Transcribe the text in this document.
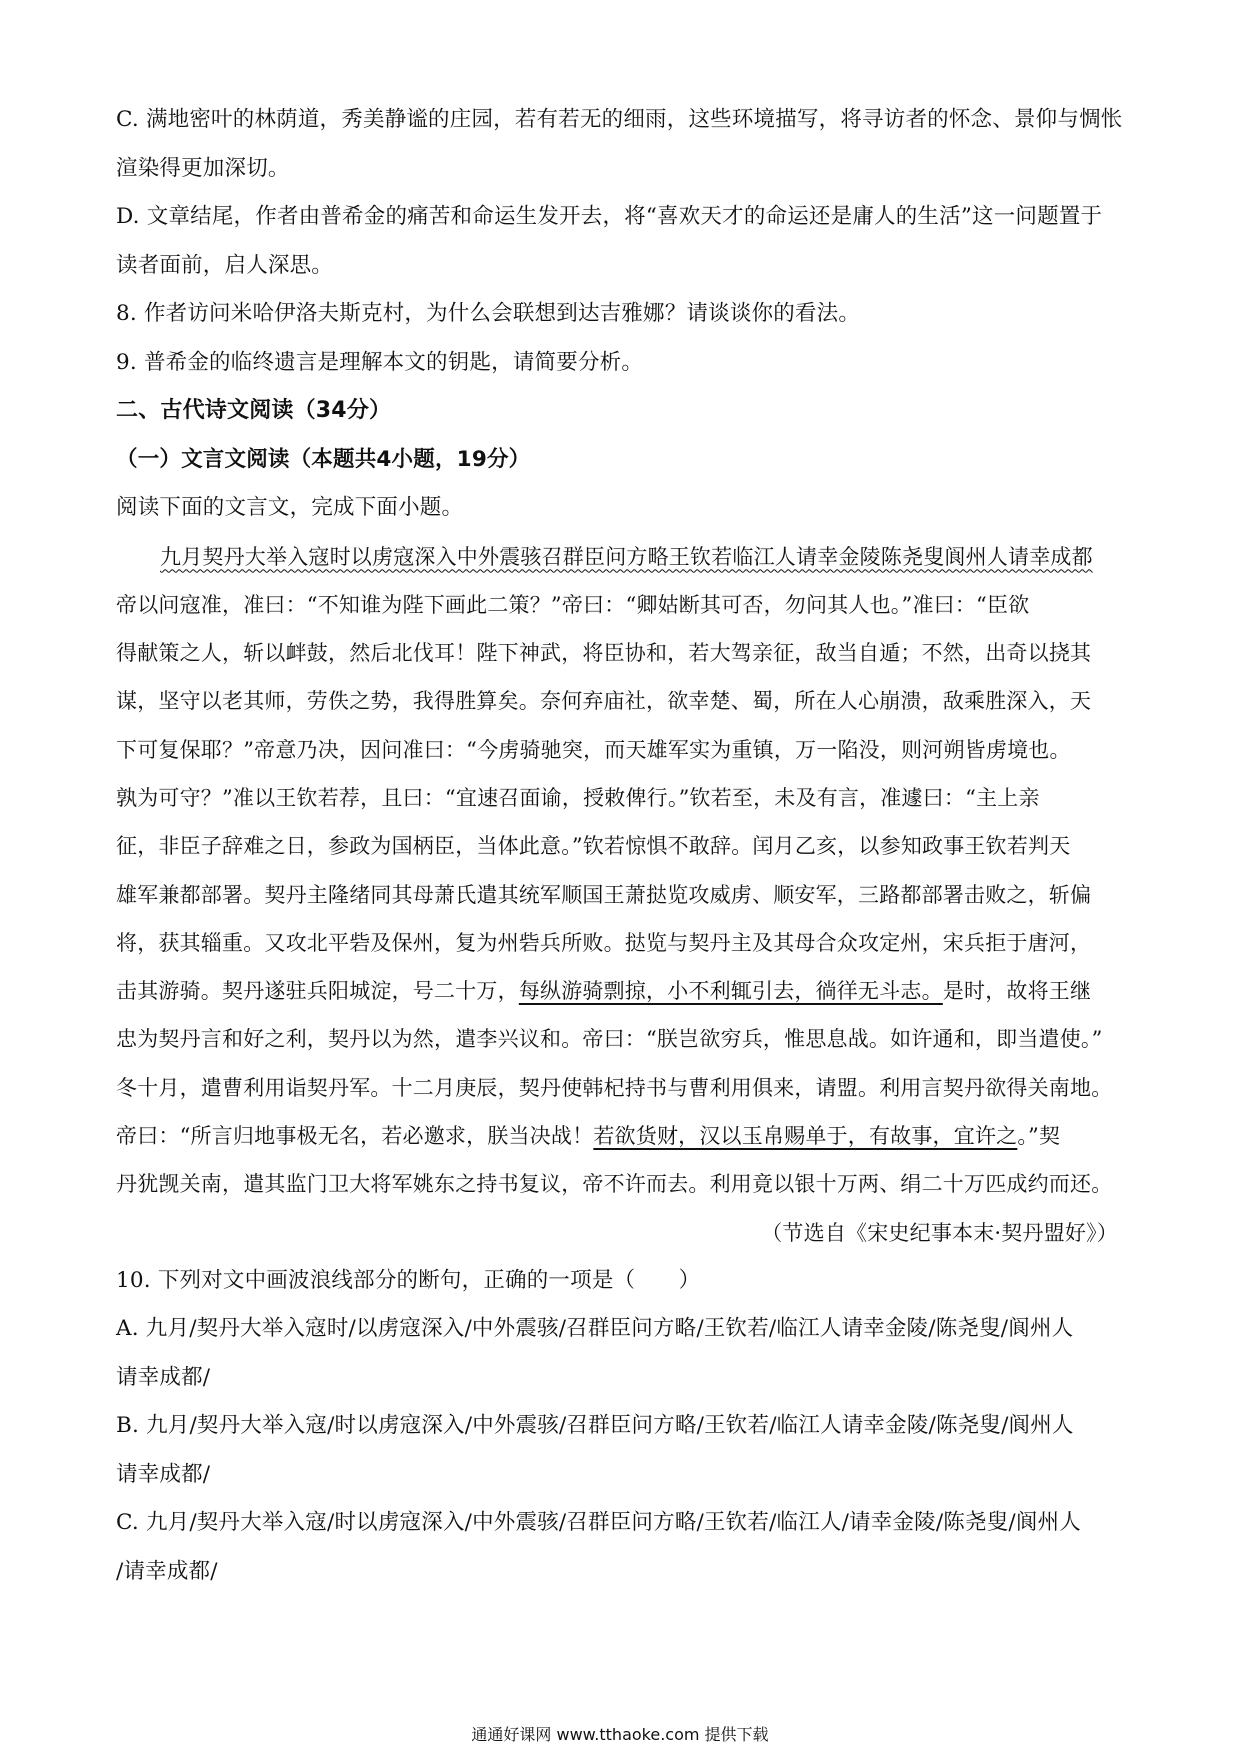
C. 满地密叶的林荫道，秀美静谧的庄园，若有若无的细雨，这些环境描写，将寻访者的怀念、景仰与惆怅
渲染得更加深切。
D. 文章结尾，作者由普希金的痛苦和命运生发开去，将“喜欢天才的命运还是庸人的生活”这一问题置于
读者面前，启人深思。
8. 作者访问米哈伊洛夫斯克村，为什么会联想到达吉雅娜？请谈谈你的看法。
9. 普希金的临终遗言是理解本文的钥匙，请简要分析。
二、古代诗文阅读（34分）
（一）文言文阅读（本题共4小题，19分）
阅读下面的文言文，完成下面小题。
九月契丹大举入寇时以虏寇深入中外震骇召群臣问方略王钦若临江人请幸金陵陈尧叟阆州人请幸成都
帝以问寇准，准曰：“不知谁为陛下画此二策？”帝曰：“卿姑断其可否，勿问其人也。”准曰：“臣欲
得献策之人，斩以衅鼓，然后北伐耳！陛下神武，将臣协和，若大驾亲征，敌当自遁；不然，出奇以挠其
谋，坚守以老其师，劳佚之势，我得胜算矣。奈何弃庙社，欲幸楚、蜀，所在人心崩溃，敌乘胜深入，天
下可复保耶？”帝意乃决，因问准曰：“今虏骑驰突，而天雄军实为重镇，万一陷没，则河朔皆虏境也。
孰为可守？”准以王钦若荐，且曰：“宜速召面谕，授敕俾行。”钦若至，未及有言，准遽曰：“主上亲
征，非臣子辞难之日，参政为国柄臣，当体此意。”钦若惊惧不敢辞。闰月乙亥，以参知政事王钦若判天
雄军兼都部署。契丹主隆绪同其母萧氏遣其统军顺国王萧挞览攻威虏、顺安军，三路都部署击败之，斩偏
将，获其辎重。又攻北平砦及保州，复为州砦兵所败。挞览与契丹主及其母合众攻定州，宋兵拒于唐河，
击其游骑。契丹遂驻兵阳城淀，号二十万，每纵游骑剽掠，小不利辄引去，徜徉无斗志。是时，故将王继
忠为契丹言和好之利，契丹以为然，遣李兴议和。帝曰：“朕岂欲穷兵，惟思息战。如许通和，即当遣使。”
冬十月，遣曹利用诣契丹军。十二月庚辰，契丹使韩杞持书与曹利用俱来，请盟。利用言契丹欲得关南地。
帝曰：“所言归地事极无名，若必邀求，朕当决战！若欲货财，汉以玉帛赐单于，有故事，宜许之。”契
丹犹觊关南，遣其监门卫大将军姚东之持书复议，帝不许而去。利用竟以银十万两、绢二十万匹成约而还。
（节选自《宋史纪事本末·契丹盟好》）
10. 下列对文中画波浪线部分的断句，正确的一项是（　　）
A. 九月/契丹大举入寇时/以虏寇深入/中外震骇/召群臣问方略/王钦若/临江人请幸金陵/陈尧叟/阆州人
请幸成都/
B. 九月/契丹大举入寇/时以虏寇深入/中外震骇/召群臣问方略/王钦若/临江人请幸金陵/陈尧叟/阆州人
请幸成都/
C. 九月/契丹大举入寇/时以虏寇深入/中外震骇/召群臣问方略/王钦若/临江人/请幸金陵/陈尧叟/阆州人
/请幸成都/
通通好课网 www.tthaoke.com 提供下载
